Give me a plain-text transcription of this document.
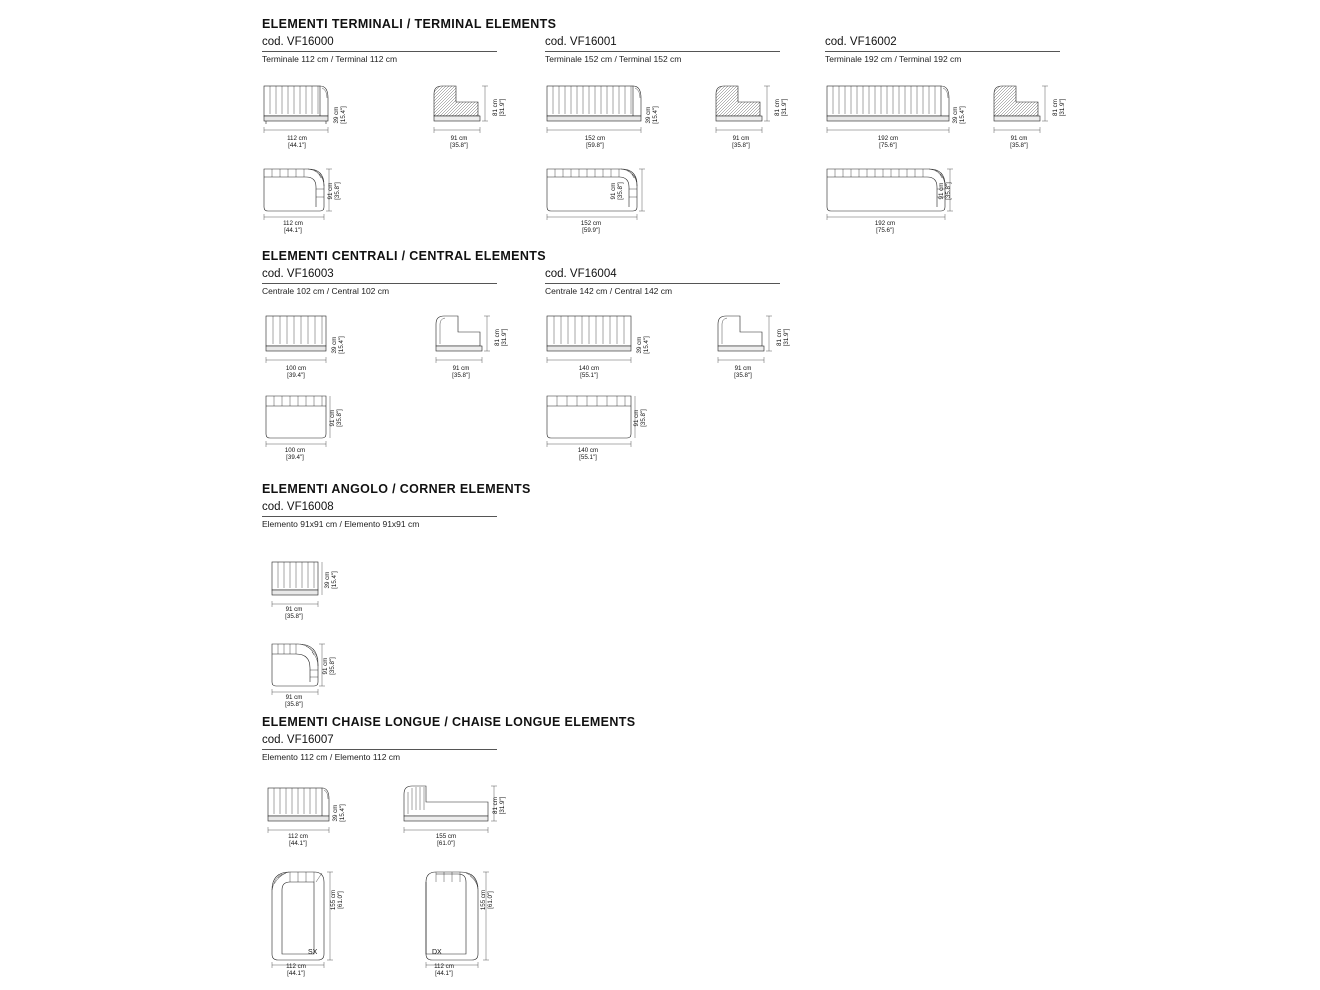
ELEMENTI TERMINALI / TERMINAL ELEMENTS
cod. VF16000
Terminale 112 cm / Terminal 112 cm
cod. VF16001
Terminale 152 cm / Terminal 152 cm
cod. VF16002
Terminale 192 cm / Terminal 192 cm
112 cm
[44.1"]
39 cm
[15.4"]
91 cm
[35.8"]
81 cm
[31.9"]
112 cm
[44.1"]
91 cm
[35.8"]
152 cm
[59.8"]
39 cm
[15.4"]
91 cm
[35.8"]
81 cm
[31.9"]
152 cm
[59.9"]
91 cm
[35.8"]
192 cm
[75.6"]
39 cm
[15.4"]
91 cm
[35.8"]
81 cm
[31.9"]
192 cm
[75.6"]
91 cm
[35.8"]
ELEMENTI CENTRALI / CENTRAL ELEMENTS
cod. VF16003
Centrale 102 cm / Central 102 cm
cod. VF16004
Centrale 142 cm / Central 142 cm
100 cm
[39.4"]
39 cm
[15.4"]
91 cm
[35.8"]
81 cm
[31.9"]
100 cm
[39.4"]
91 cm
[35.8"]
140 cm
[55.1"]
39 cm
[15.4"]
91 cm
[35.8"]
81 cm
[31.9"]
140 cm
[55.1"]
91 cm
[35.8"]
ELEMENTI ANGOLO / CORNER ELEMENTS
cod. VF16008
Elemento 91x91 cm / Elemento 91x91 cm
91 cm
[35.8"]
39 cm
[15.4"]
91 cm
[35.8"]
91 cm
[35.8"]
ELEMENTI CHAISE LONGUE / CHAISE LONGUE ELEMENTS
cod. VF16007
Elemento 112 cm / Elemento 112 cm
112 cm
[44.1"]
39 cm
[15.4"]
155 cm
[61.0"]
81 cm
[31.9"]
SX
112 cm
[44.1"]
155 cm
[61.0"]
DX
112 cm
[44.1"]
155 cm
[61.0"]
